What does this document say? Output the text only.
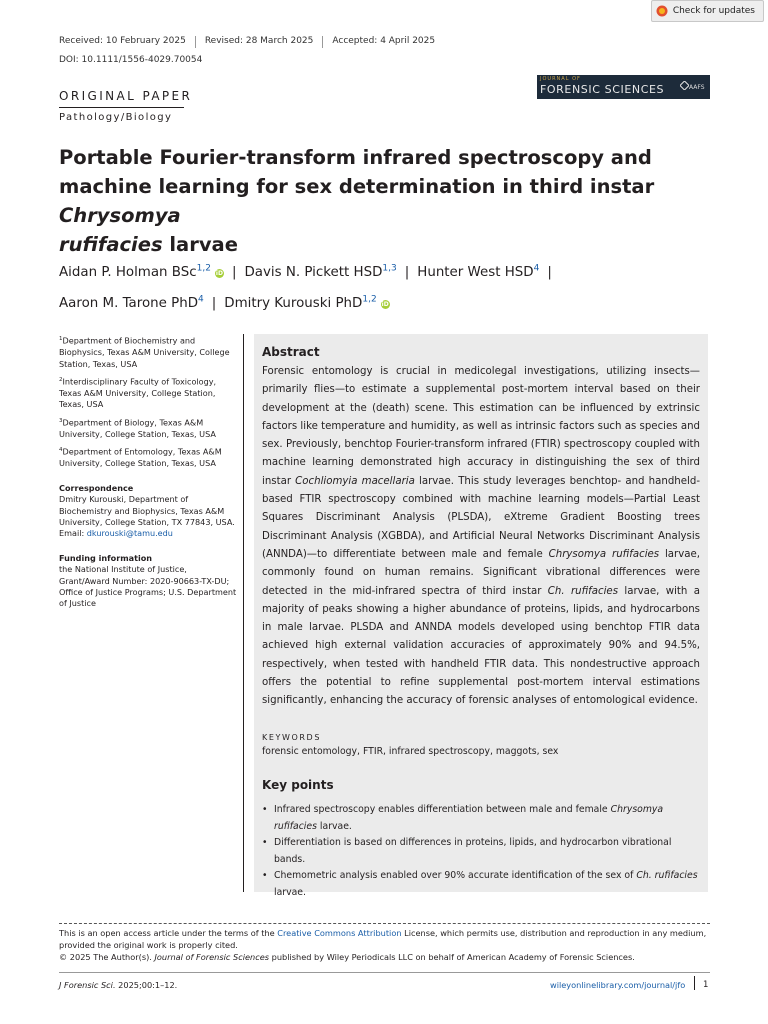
Check for updates
Received: 10 February 2025 Revised: 28 March 2025 Accepted: 4 April 2025
DOI: 10.1111/1556-4029.70054
ORIGINAL PAPER
Pathology/Biology
JOURNAL OF
FORENSIC SCIENCES	AAFS
Portable Fourier-transform infrared spectroscopy and machine learning for sex determination in third instar Chrysomya
rufifacies larvae
Aidan P. Holman BSc$^{1,2}$ iD | Davis N. Pickett HSD$^{1,3}$ | Hunter West HSD$^4$ |
Aaron M. Tarone PhD$^4$ | Dmitry Kurouski PhD$^{1,2}$ iD
$^1$Department of Biochemistry and Biophysics, Texas A&M University, College Station, Texas, USA
$^2$Interdisciplinary Faculty of Toxicology, Texas A&M University, College Station, Texas, USA
$^3$Department of Biology, Texas A&M University, College Station, Texas, USA
$^4$Department of Entomology, Texas A&M University, College Station, Texas, USA
Correspondence
Dmitry Kurouski, Department of Biochemistry and Biophysics, Texas A&M University, College Station, TX 77843, USA.
Email: dkurouski@tamu.edu
Funding information
the National Institute of Justice, Grant/Award Number: 2020-90663-TX-DU; Office of Justice Programs; U.S. Department of Justice
Abstract
Forensic entomology is crucial in medicolegal investigations, utilizing insects—primarily flies—to estimate a supplemental post-mortem interval based on their development at the (death) scene. This estimation can be influenced by extrinsic factors like temperature and humidity, as well as intrinsic factors such as species and sex. Previously, benchtop Fourier-transform infrared (FTIR) spectroscopy coupled with machine learning demonstrated high accuracy in distinguishing the sex of third instar Cochliomyia macellaria larvae. This study leverages benchtop- and handheld-based FTIR spectroscopy combined with machine learning models—Partial Least Squares Discriminant Analysis (PLSDA), eXtreme Gradient Boosting trees Discriminant Analysis (XGBDA), and Artificial Neural Networks Discriminant Analysis (ANNDA)—to differentiate between male and female Chrysomya rufifacies larvae, commonly found on human remains. Significant vibrational differences were detected in the mid-infrared spectra of third instar Ch. rufifacies larvae, with a majority of peaks showing a higher abundance of proteins, lipids, and hydrocarbons in male larvae. PLSDA and ANNDA models developed using benchtop FTIR data achieved high external validation accuracies of approximately 90% and 94.5%, respectively, when tested with handheld FTIR data. This nondestructive approach offers the potential to refine supplemental post-mortem interval estimations significantly, enhancing the accuracy of forensic analyses of entomological evidence.
KEYWORDS
forensic entomology, FTIR, infrared spectroscopy, maggots, sex
Key points
• Infrared spectroscopy enables differentiation between male and female Chrysomya rufifacies larvae.
• Differentiation is based on differences in proteins, lipids, and hydrocarbon vibrational bands.
• Chemometric analysis enabled over 90% accurate identification of the sex of Ch. rufifacies larvae.
This is an open access article under the terms of the Creative Commons Attribution License, which permits use, distribution and reproduction in any medium, provided the original work is properly cited.
© 2025 The Author(s). Journal of Forensic Sciences published by Wiley Periodicals LLC on behalf of American Academy of Forensic Sciences.
J Forensic Sci. 2025;00:1–12.	wileyonlinelibrary.com/journal/jfo 1
